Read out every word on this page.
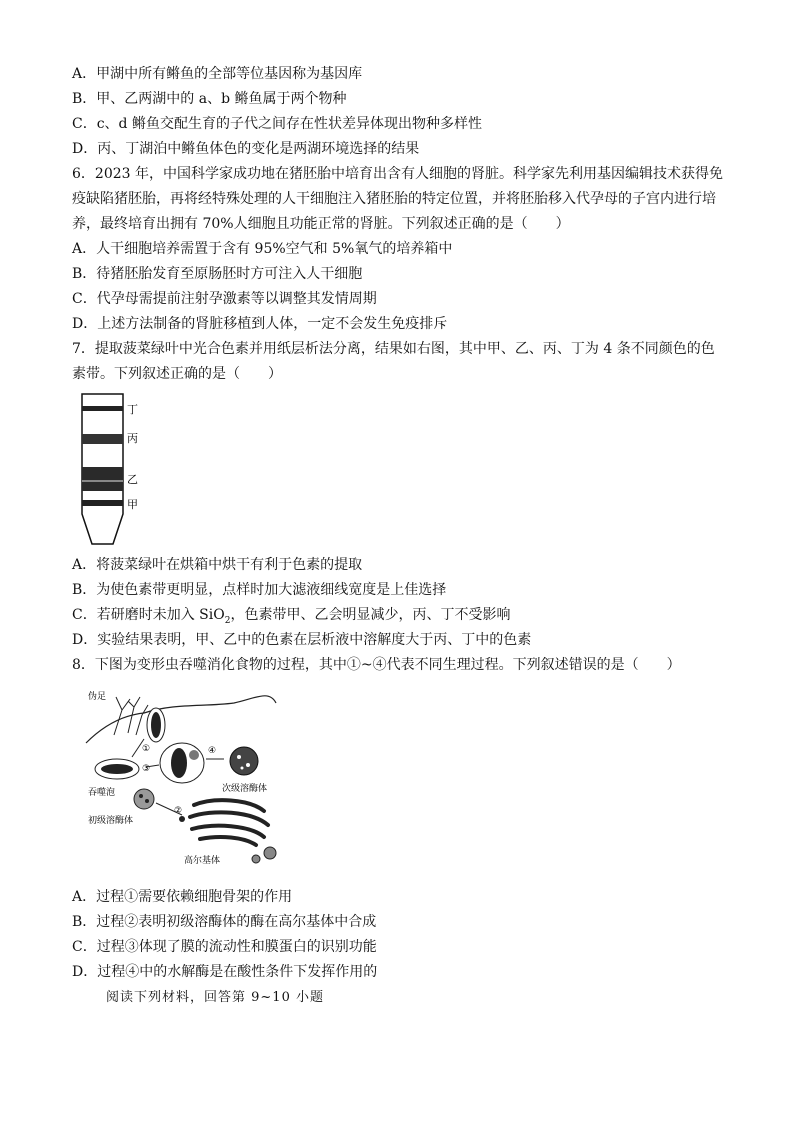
A．甲湖中所有鳉鱼的全部等位基因称为基因库
B．甲、乙两湖中的 a、b 鳉鱼属于两个物种
C．c、d 鳉鱼交配生育的子代之间存在性状差异体现出物种多样性
D．丙、丁湖泊中鳉鱼体色的变化是两湖环境选择的结果
6．2023 年，中国科学家成功地在猪胚胎中培育出含有人细胞的肾脏。科学家先利用基因编辑技术获得免
疫缺陷猪胚胎，再将经特殊处理的人干细胞注入猪胚胎的特定位置，并将胚胎移入代孕母的子宫内进行培
养，最终培育出拥有 70%人细胞且功能正常的肾脏。下列叙述正确的是（　　）
A．人干细胞培养需置于含有 95%空气和 5%氧气的培养箱中
B．待猪胚胎发育至原肠胚时方可注入人干细胞
C．代孕母需提前注射孕激素等以调整其发情周期
D．上述方法制备的肾脏移植到人体，一定不会发生免疫排斥
7．提取菠菜绿叶中光合色素并用纸层析法分离，结果如右图，其中甲、乙、丙、丁为 4 条不同颜色的色
素带。下列叙述正确的是（　　）
丁
丙
乙
甲
A．将菠菜绿叶在烘箱中烘干有利于色素的提取
B．为使色素带更明显，点样时加大滤液细线宽度是上佳选择
C．若研磨时未加入 SiO$_2$，色素带甲、乙会明显减少，丙、丁不受影响
D．实验结果表明，甲、乙中的色素在层析液中溶解度大于丙、丁中的色素
8．下图为变形虫吞噬消化食物的过程，其中①~④代表不同生理过程。下列叙述错误的是（　　）
伪足
吞噬泡
①
③
④
次级溶酶体
初级溶酶体
②
高尔基体
A．过程①需要依赖细胞骨架的作用
B．过程②表明初级溶酶体的酶在高尔基体中合成
C．过程③体现了膜的流动性和膜蛋白的识别功能
D．过程④中的水解酶是在酸性条件下发挥作用的
阅读下列材料，回答第 9~10 小题
